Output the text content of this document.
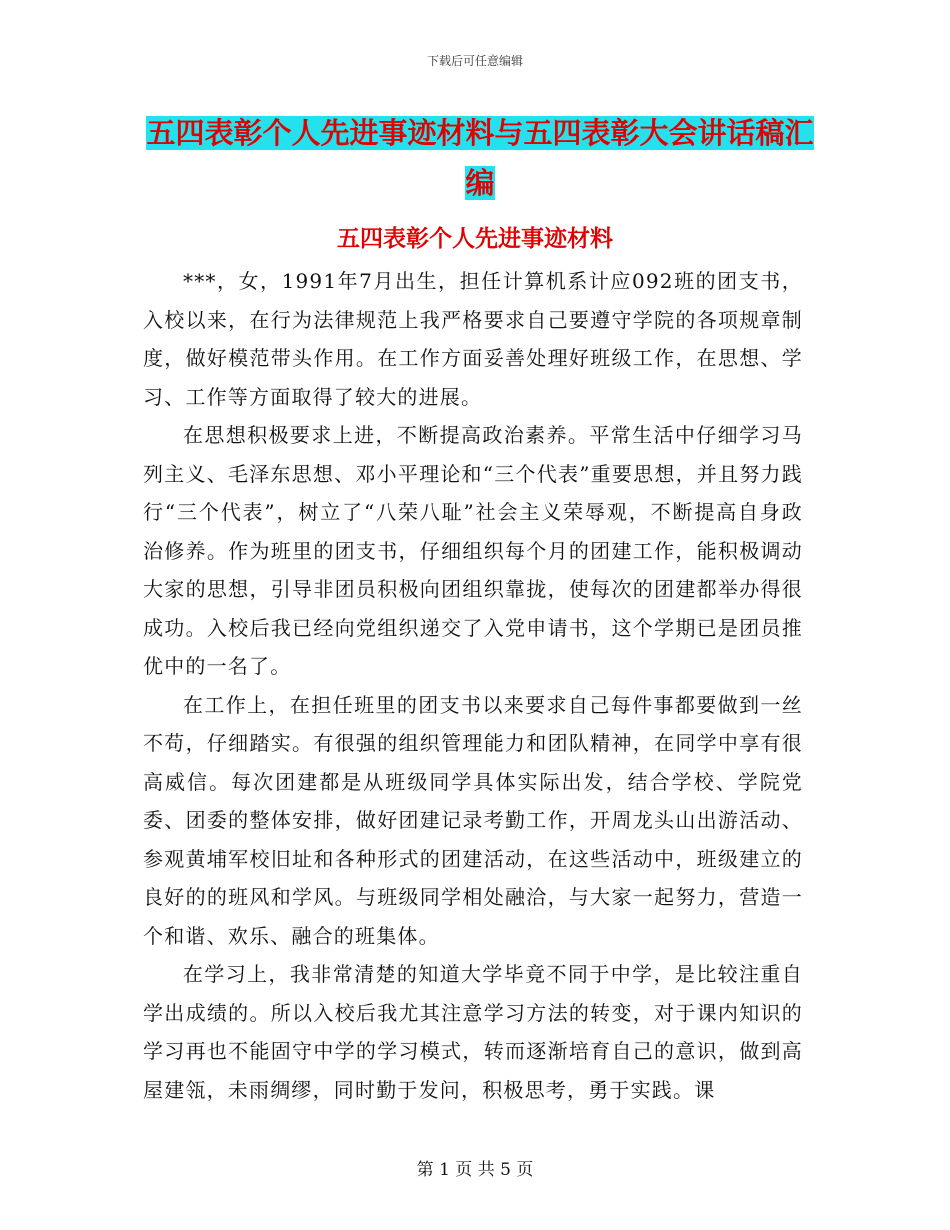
下载后可任意编辑
五四表彰个人先进事迹材料与五四表彰大会讲话稿汇编
五四表彰个人先进事迹材料

***，女，1991年7月出生，担任计算机系计应092班的团支书，入校以来，在行为法律规范上我严格要求自己要遵守学院的各项规章制度，做好模范带头作用。在工作方面妥善处理好班级工作，在思想、学习、工作等方面取得了较大的进展。

在思想积极要求上进，不断提高政治素养。平常生活中仔细学习马列主义、毛泽东思想、邓小平理论和“三个代表”重要思想，并且努力践行“三个代表”，树立了“八荣八耻”社会主义荣辱观，不断提高自身政治修养。作为班里的团支书，仔细组织每个月的团建工作，能积极调动大家的思想，引导非团员积极向团组织靠拢，使每次的团建都举办得很成功。入校后我已经向党组织递交了入党申请书，这个学期已是团员推优中的一名了。

在工作上，在担任班里的团支书以来要求自己每件事都要做到一丝不苟，仔细踏实。有很强的组织管理能力和团队精神，在同学中享有很高威信。每次团建都是从班级同学具体实际出发，结合学校、学院党委、团委的整体安排，做好团建记录考勤工作，开周龙头山出游活动、参观黄埔军校旧址和各种形式的团建活动，在这些活动中，班级建立的良好的的班风和学风。与班级同学相处融洽，与大家一起努力，营造一个和谐、欢乐、融合的班集体。

在学习上，我非常清楚的知道大学毕竟不同于中学，是比较注重自学出成绩的。所以入校后我尤其注意学习方法的转变，对于课内知识的学习再也不能固守中学的学习模式，转而逐渐培育自己的意识，做到高屋建瓴，未雨绸缪，同时勤于发问，积极思考，勇于实践。课

第 1 页 共 5 页
